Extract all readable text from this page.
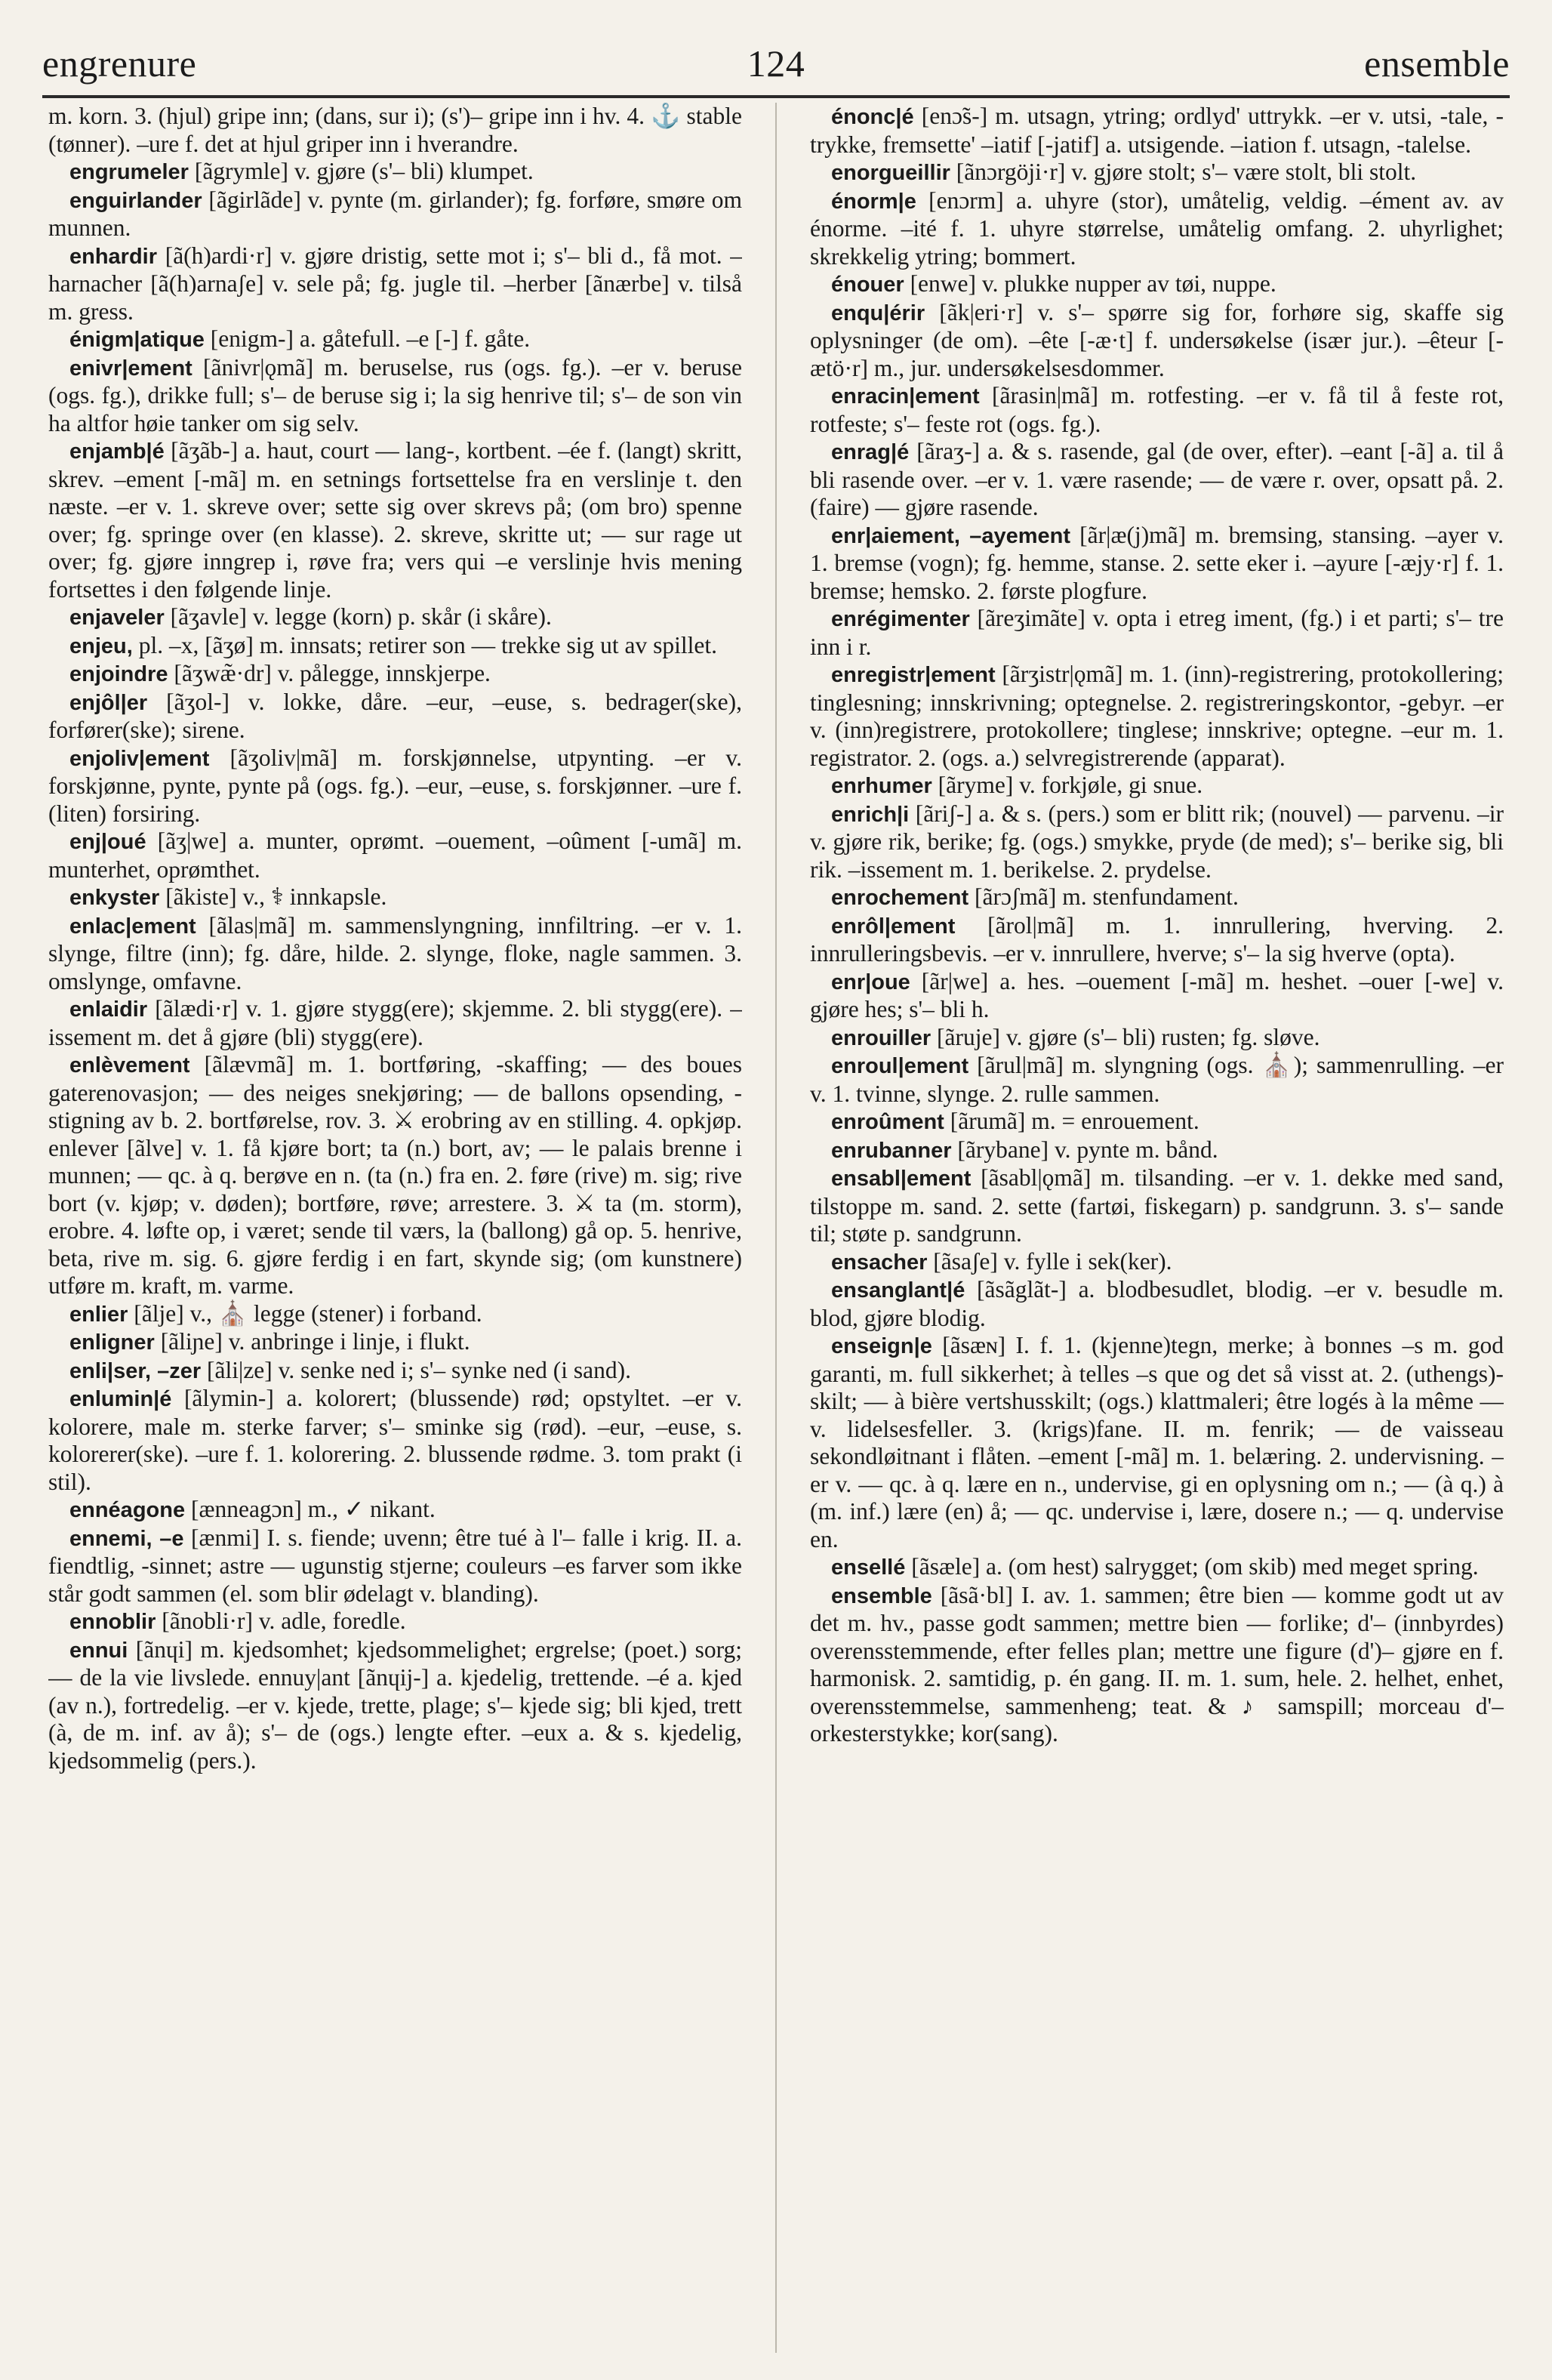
engrenure	124	ensemble

m. korn. 3. (hjul) gripe inn; (dans, sur i); (s')– gripe inn i hv. 4. ⚓ stable (tønner). –ure f. det at hjul griper inn i hverandre.

engrumeler [ãgrymle] v. gjøre (s'– bli) klumpet.

enguirlander [ãgirlãde] v. pynte (m. girlander); fg. forføre, smøre om munnen.

enhardir [ã(h)ardi·r] v. gjøre dristig, sette mot i; s'– bli d., få mot. –harnacher [ã(h)arnaʃe] v. sele på; fg. jugle til. –herber [ãnærbe] v. tilså m. gress.

énigm|atique [enigm-] a. gåtefull. –e [-] f. gåte.

enivr|ement [ãnivr|ǫmã] m. beruselse, rus (ogs. fg.). –er v. beruse (ogs. fg.), drikke full; s'– de beruse sig i; la sig henrive til; s'– de son vin ha altfor høie tanker om sig selv.

enjamb|é [ãʒãb-] a. haut, court — lang-, kortbent. –ée f. (langt) skritt, skrev. –ement [-mã] m. en setnings fortsettelse fra en verslinje t. den næste. –er v. 1. skreve over; sette sig over skrevs på; (om bro) spenne over; fg. springe over (en klasse). 2. skreve, skritte ut; — sur rage ut over; fg. gjøre inngrep i, røve fra; vers qui –e verslinje hvis mening fortsettes i den følgende linje.

enjaveler [ãʒavle] v. legge (korn) p. skår (i skåre).

enjeu, pl. –x, [ãʒø] m. innsats; retirer son — trekke sig ut av spillet.

enjoindre [ãʒwæ̃·dr] v. pålegge, innskjerpe.

enjôl|er [ãʒol-] v. lokke, dåre. –eur, –euse, s. bedrager(ske), forfører(ske); sirene.

enjoliv|ement [ãʒoliv|mã] m. forskjønnelse, utpynting. –er v. forskjønne, pynte, pynte på (ogs. fg.). –eur, –euse, s. forskjønner. –ure f. (liten) forsiring.

enj|oué [ãʒ|we] a. munter, oprømt. –ouement, –oûment [-umã] m. munterhet, oprømthet.

enkyster [ãkiste] v., ⚕ innkapsle.

enlac|ement [ãlas|mã] m. sammenslyngning, innfiltring. –er v. 1. slynge, filtre (inn); fg. dåre, hilde. 2. slynge, floke, nagle sammen. 3. omslynge, omfavne.

enlaidir [ãlædi·r] v. 1. gjøre stygg(ere); skjemme. 2. bli stygg(ere). –issement m. det å gjøre (bli) stygg(ere).

enlèvement [ãlævmã] m. 1. bortføring, -skaffing; — des boues gaterenovasjon; — des neiges snekjøring; — de ballons opsending, -stigning av b. 2. bortførelse, rov. 3. ⚔ erobring av en stilling. 4. opkjøp. enlever [ãlve] v. 1. få kjøre bort; ta (n.) bort, av; — le palais brenne i munnen; — qc. à q. berøve en n. (ta (n.) fra en. 2. føre (rive) m. sig; rive bort (v. kjøp; v. døden); bortføre, røve; arrestere. 3. ⚔ ta (m. storm), erobre. 4. løfte op, i været; sende til værs, la (ballong) gå op. 5. henrive, beta, rive m. sig. 6. gjøre ferdig i en fart, skynde sig; (om kunstnere) utføre m. kraft, m. varme.

enlier [ãlje] v., ⛪ legge (stener) i forband.

enligner [ãliɲe] v. anbringe i linje, i flukt.

enli|ser, –zer [ãli|ze] v. senke ned i; s'– synke ned (i sand).

enlumin|é [ãlymin-] a. kolorert; (blussende) rød; opstyltet. –er v. kolorere, male m. sterke farver; s'– sminke sig (rød). –eur, –euse, s. kolorerer(ske). –ure f. 1. kolorering. 2. blussende rødme. 3. tom prakt (i stil).

ennéagone [ænneagɔn] m., ✓ nikant.

ennemi, –e [ænmi] I. s. fiende; uvenn; être tué à l'– falle i krig. II. a. fiendtlig, -sinnet; astre — ugunstig stjerne; couleurs –es farver som ikke står godt sammen (el. som blir ødelagt v. blanding).

ennoblir [ãnobli·r] v. adle, foredle.

ennui [ãnɥi] m. kjedsomhet; kjedsommelighet; ergrelse; (poet.) sorg; — de la vie livslede. ennuy|ant [ãnɥij-] a. kjedelig, trettende. –é a. kjed (av n.), fortredelig. –er v. kjede, trette, plage; s'– kjede sig; bli kjed, trett (à, de m. inf. av å); s'– de (ogs.) lengte efter. –eux a. & s. kjedelig, kjedsommelig (pers.).

énonc|é [enɔ̃s-] m. utsagn, ytring; ordlyd' uttrykk. –er v. utsi, -tale, -trykke, fremsette' –iatif [-jatif] a. utsigende. –iation f. utsagn, -talelse.

enorgueillir [ãnɔrgöji·r] v. gjøre stolt; s'– være stolt, bli stolt.

énorm|e [enɔrm] a. uhyre (stor), umåtelig, veldig. –ément av. av énorme. –ité f. 1. uhyre størrelse, umåtelig omfang. 2. uhyrlighet; skrekkelig ytring; bommert.

énouer [enwe] v. plukke nupper av tøi, nuppe.

enqu|érir [ãk|eri·r] v. s'– spørre sig for, forhøre sig, skaffe sig oplysninger (de om). –ête [-æ·t] f. undersøkelse (især jur.). –êteur [-ætö·r] m., jur. undersøkelsesdommer.

enracin|ement [ãrasin|mã] m. rotfesting. –er v. få til å feste rot, rotfeste; s'– feste rot (ogs. fg.).

enrag|é [ãraʒ-] a. & s. rasende, gal (de over, efter). –eant [-ã] a. til å bli rasende over. –er v. 1. være rasende; — de være r. over, opsatt på. 2. (faire) — gjøre rasende.

enr|aiement, –ayement [ãr|æ(j)mã] m. bremsing, stansing. –ayer v. 1. bremse (vogn); fg. hemme, stanse. 2. sette eker i. –ayure [-æjy·r] f. 1. bremse; hemsko. 2. første plogfure.

enrégimenter [ãreʒimãte] v. opta i etreg iment, (fg.) i et parti; s'– tre inn i r.

enregistr|ement [ãrʒistr|ǫmã] m. 1. (inn)-registrering, protokollering; tinglesning; innskrivning; optegnelse. 2. registreringskontor, -gebyr. –er v. (inn)registrere, protokollere; tinglese; innskrive; optegne. –eur m. 1. registrator. 2. (ogs. a.) selvregistrerende (apparat).

enrhumer [ãryme] v. forkjøle, gi snue.

enrich|i [ãriʃ-] a. & s. (pers.) som er blitt rik; (nouvel) — parvenu. –ir v. gjøre rik, berike; fg. (ogs.) smykke, pryde (de med); s'– berike sig, bli rik. –issement m. 1. berikelse. 2. prydelse.

enrochement [ãrɔʃmã] m. stenfundament.

enrôl|ement [ãrol|mã] m. 1. innrullering, hverving. 2. innrulleringsbevis. –er v. innrullere, hverve; s'– la sig hverve (opta).

enr|oue [ãr|we] a. hes. –ouement [-mã] m. heshet. –ouer [-we] v. gjøre hes; s'– bli h.

enrouiller [ãruje] v. gjøre (s'– bli) rusten; fg. sløve.

enroul|ement [ãrul|mã] m. slyngning (ogs. ⛪); sammenrulling. –er v. 1. tvinne, slynge. 2. rulle sammen.

enroûment [ãrumã] m. = enrouement.

enrubanner [ãrybane] v. pynte m. bånd.

ensabl|ement [ãsabl|ǫmã] m. tilsanding. –er v. 1. dekke med sand, tilstoppe m. sand. 2. sette (fartøi, fiskegarn) p. sandgrunn. 3. s'– sande til; støte p. sandgrunn.

ensacher [ãsaʃe] v. fylle i sek(ker).

ensanglant|é [ãsãglãt-] a. blodbesudlet, blodig. –er v. besudle m. blod, gjøre blodig.

enseign|e [ãsæɴ] I. f. 1. (kjenne)tegn, merke; à bonnes –s m. god garanti, m. full sikkerhet; à telles –s que og det så visst at. 2. (uthengs)-skilt; — à bière vertshusskilt; (ogs.) klattmaleri; être logés à la même — v. lidelsesfeller. 3. (krigs)fane. II. m. fenrik; — de vaisseau sekondløitnant i flåten. –ement [-mã] m. 1. belæring. 2. undervisning. –er v. — qc. à q. lære en n., undervise, gi en oplysning om n.; — (à q.) à (m. inf.) lære (en) å; — qc. undervise i, lære, dosere n.; — q. undervise en.

ensellé [ãsæle] a. (om hest) salrygget; (om skib) med meget spring.

ensemble [ãsã·bl] I. av. 1. sammen; être bien — komme godt ut av det m. hv., passe godt sammen; mettre bien — forlike; d'– (innbyrdes) overensstemmende, efter felles plan; mettre une figure (d')– gjøre en f. harmonisk. 2. samtidig, p. én gang. II. m. 1. sum, hele. 2. helhet, enhet, overensstemmelse, sammenheng; teat. & ♪ samspill; morceau d'– orkesterstykke; kor(sang).
